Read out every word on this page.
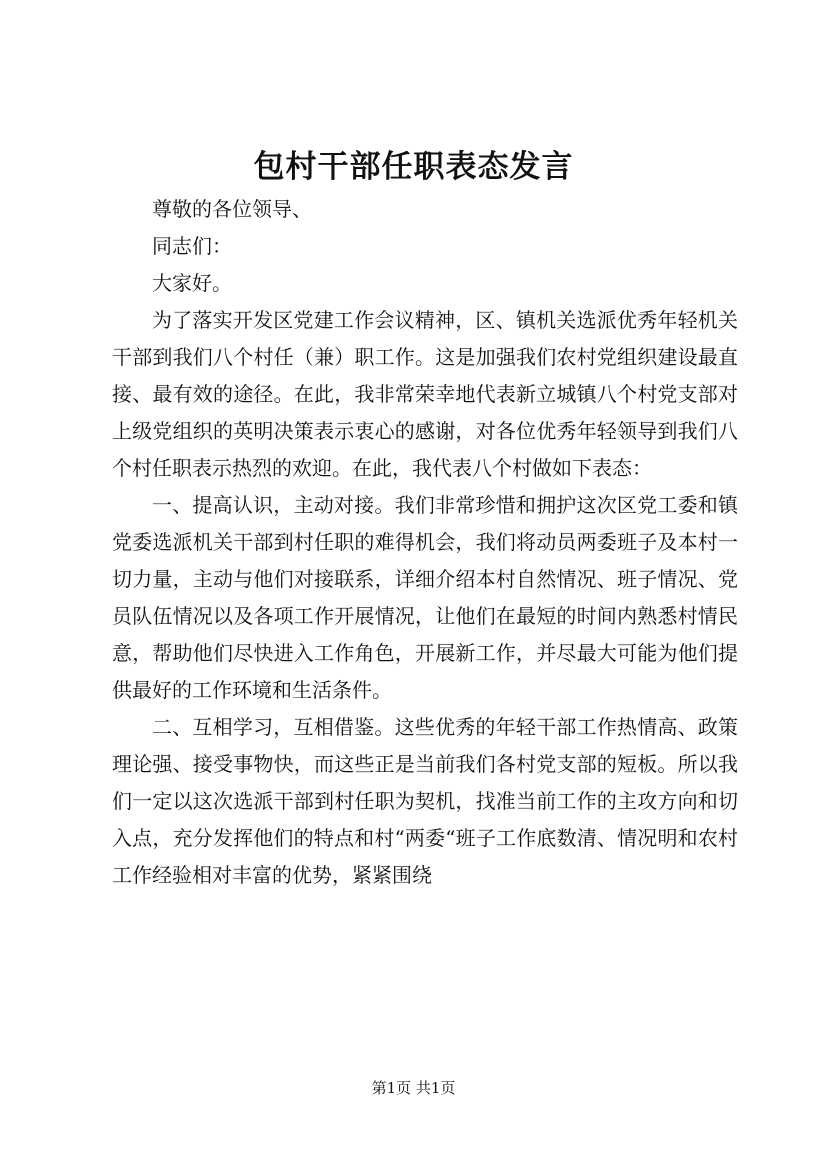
包村干部任职表态发言

尊敬的各位领导、

同志们：

大家好。

为了落实开发区党建工作会议精神，区、镇机关选派优秀年轻机关干部到我们八个村任（兼）职工作。这是加强我们农村党组织建设最直接、最有效的途径。在此，我非常荣幸地代表新立城镇八个村党支部对上级党组织的英明决策表示衷心的感谢，对各位优秀年轻领导到我们八个村任职表示热烈的欢迎。在此，我代表八个村做如下表态：

一、提高认识，主动对接。我们非常珍惜和拥护这次区党工委和镇党委选派机关干部到村任职的难得机会，我们将动员两委班子及本村一切力量，主动与他们对接联系，详细介绍本村自然情况、班子情况、党员队伍情况以及各项工作开展情况，让他们在最短的时间内熟悉村情民意，帮助他们尽快进入工作角色，开展新工作，并尽最大可能为他们提供最好的工作环境和生活条件。

二、互相学习，互相借鉴。这些优秀的年轻干部工作热情高、政策理论强、接受事物快，而这些正是当前我们各村党支部的短板。所以我们一定以这次选派干部到村任职为契机，找准当前工作的主攻方向和切入点，充分发挥他们的特点和村“两委“班子工作底数清、情况明和农村工作经验相对丰富的优势，紧紧围绕

第1页 共1页
